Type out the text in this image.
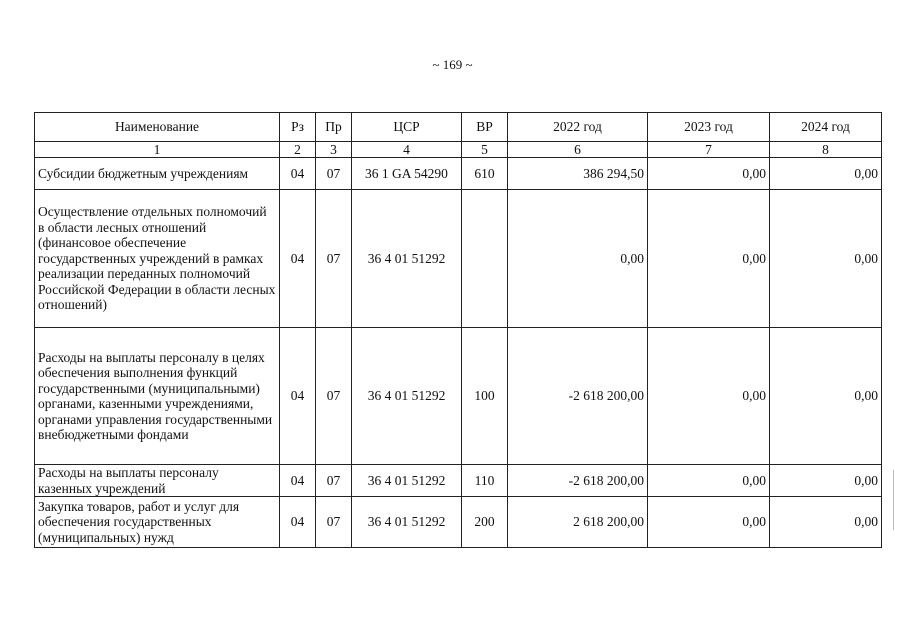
~ 169 ~
Наименование	Рз	Пр	ЦСР	ВР	2022 год	2023 год	2024 год
1	2	3	4	5	6	7	8
Субсидии бюджетным учреждениям	04	07	36 1 GA 54290	610	386 294,50	0,00	0,00
Осуществление отдельных полномочий в области лесных отношений (финансовое обеспечение государственных учреждений в рамках реализации переданных полномочий Российской Федерации в области лесных отношений)	04	07	36 4 01 51292		0,00	0,00	0,00
Расходы на выплаты персоналу в целях обеспечения выполнения функций государственными (муниципальными) органами, казенными учреждениями, органами управления государственными внебюджетными фондами	04	07	36 4 01 51292	100	-2 618 200,00	0,00	0,00
Расходы на выплаты персоналу казенных учреждений	04	07	36 4 01 51292	110	-2 618 200,00	0,00	0,00
Закупка товаров, работ и услуг для обеспечения государственных (муниципальных) нужд	04	07	36 4 01 51292	200	2 618 200,00	0,00	0,00
